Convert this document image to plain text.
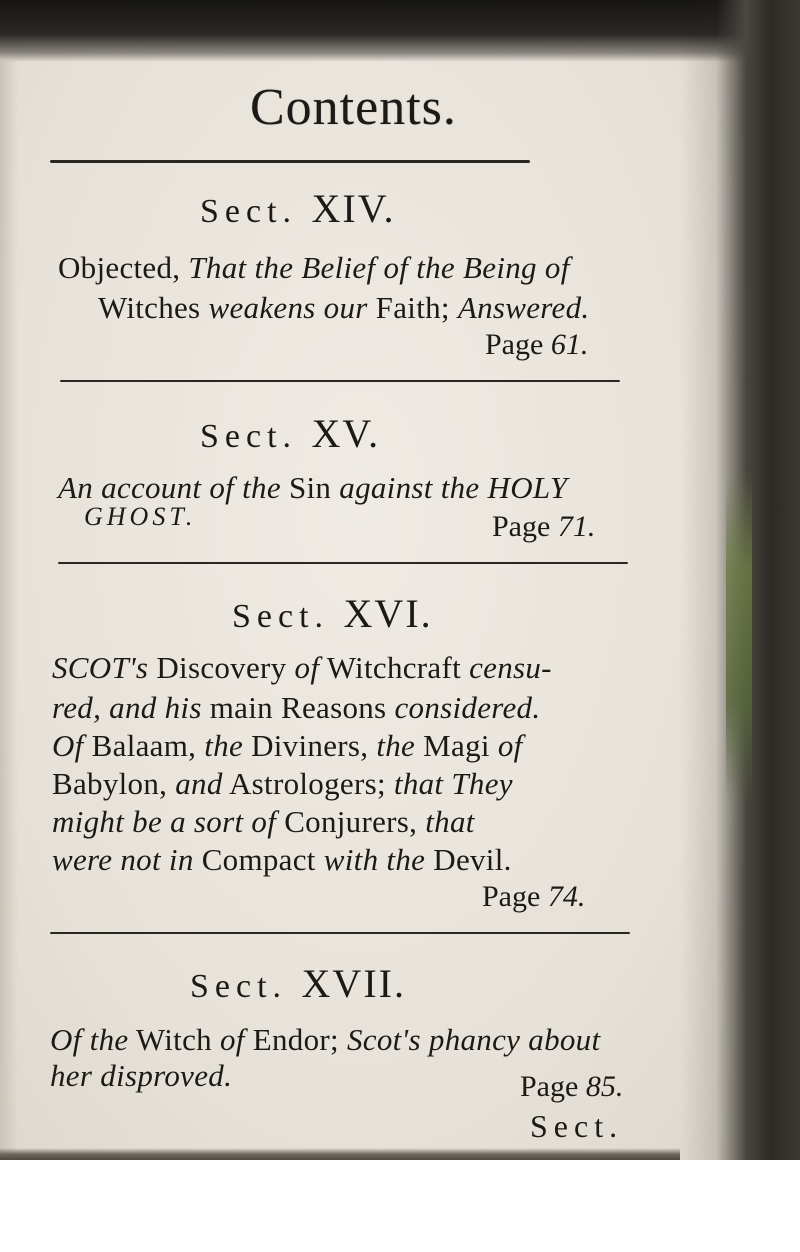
Contents.
Sect. XIV.
Objected, That the Belief of the Being of
Witches weakens our Faith; Answered.
Page 61.
Sect. XV.
An account of the Sin against the HOLY
GHOST.	Page 71.
Sect. XVI.
SCOT's Discovery of Witchcraft censu-
red, and his main Reasons considered.
Of Balaam, the Diviners, the Magi of
Babylon, and Astrologers; that They
might be a sort of Conjurers, that
were not in Compact with the Devil.
Page 74.
Sect. XVII.
Of the Witch of Endor; Scot's phancy about
her disproved.	Page 85.
Sect.
